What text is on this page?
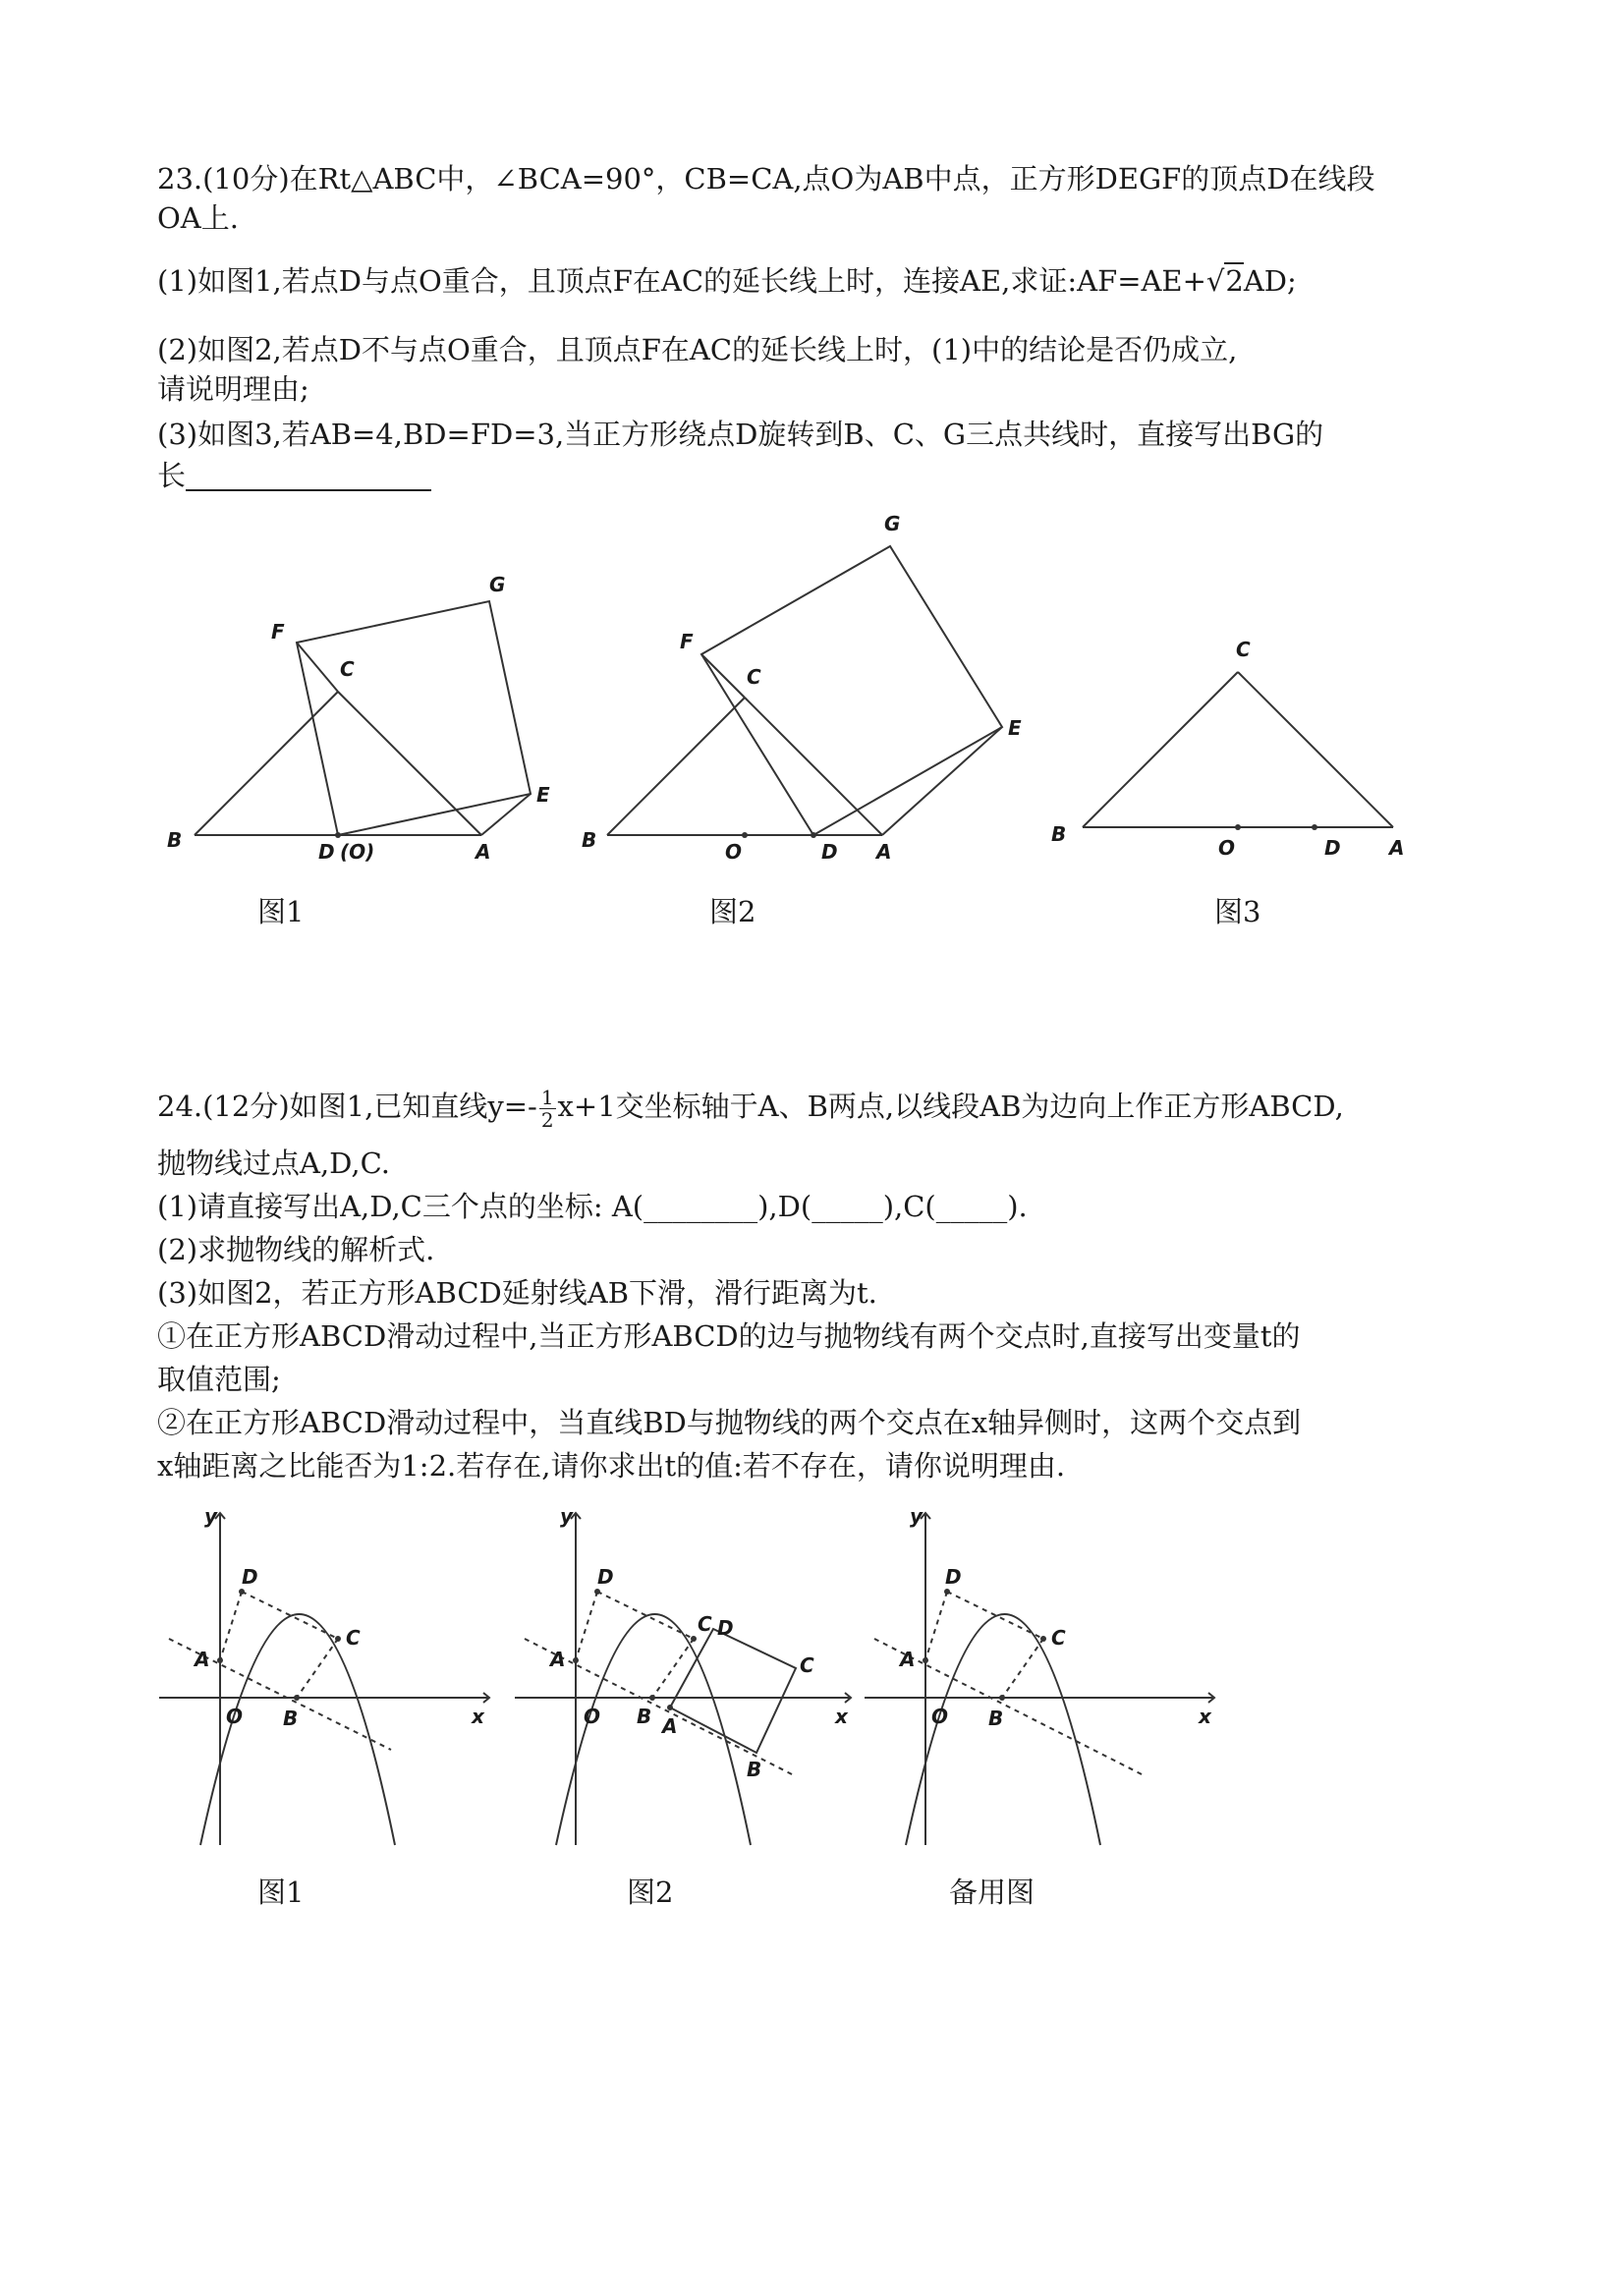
23.(10分)在Rt△ABC中，∠BCA=90°，CB=CA,点O为AB中点，正方形DEGF的顶点D在线段
OA上.
(1)如图1,若点D与点O重合，且顶点F在AC的延长线上时，连接AE,求证:AF=AE+√2AD;
(2)如图2,若点D不与点O重合，且顶点F在AC的延长线上时，(1)中的结论是否仍成立,
请说明理由;
(3)如图3,若AB=4,BD=FD=3,当正方形绕点D旋转到B、C、G三点共线时，直接写出BG的
长
B	D (O)	A
C
F
G
E
图1
B	O	D A
C
F
G
E
图2
B
O	D A
C
图3
24.(12分)如图1,已知直线$y=- \frac{1}{2} x+1$交坐标轴于A、B两点,以线段AB为边向上作正方形ABCD,
抛物线过点A,D,C.
(1)请直接写出A,D,C三个点的坐标: A(________),D(_____),C(_____).
(2)求抛物线的解析式.
(3)如图2，若正方形ABCD延射线AB下滑，滑行距离为t.
①在正方形ABCD滑动过程中,当正方形ABCD的边与抛物线有两个交点时,直接写出变量t的
取值范围;
②在正方形ABCD滑动过程中，当直线BD与抛物线的两个交点在x轴异侧时，这两个交点到
x轴距离之比能否为1:2.若存在,请你求出t的值:若不存在，请你说明理由.
x
y
O
A
B
C
D
图1
x
y
O
A
B
C
D
A
B
C
D
图2
x
y
O
A
B
C
D
备用图
